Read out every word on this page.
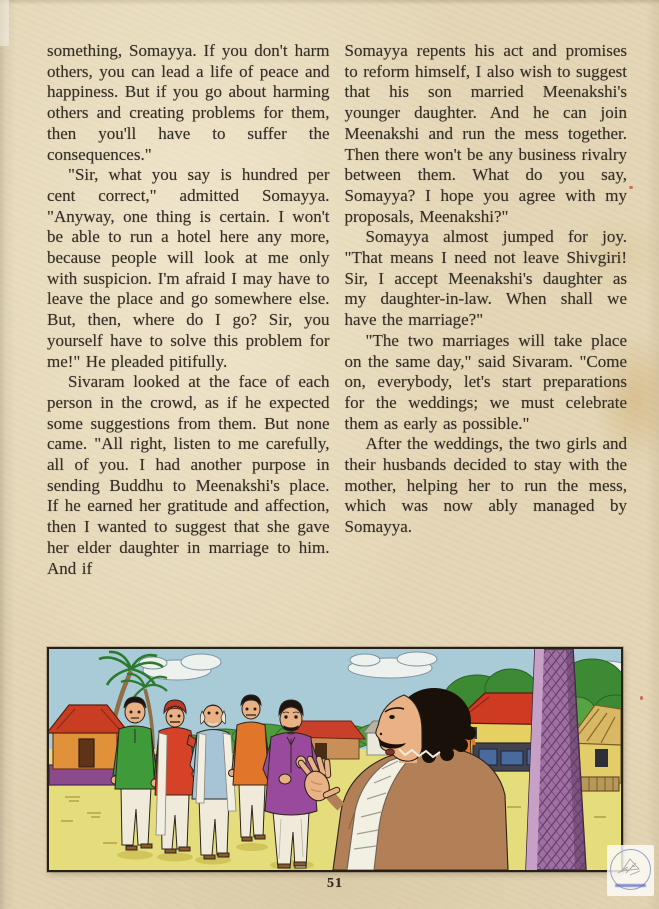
something, Somayya. If you don't harm others, you can lead a life of peace and happiness. But if you go about harming others and creating problems for them, then you'll have to suffer the consequences."

"Sir, what you say is hundred per cent correct," admitted Somayya. "Anyway, one thing is certain. I won't be able to run a hotel here any more, because people will look at me only with suspicion. I'm afraid I may have to leave the place and go somewhere else. But, then, where do I go? Sir, you yourself have to solve this problem for me!" He pleaded pitifully.

Sivaram looked at the face of each person in the crowd, as if he expected some suggestions from them. But none came. "All right, listen to me carefully, all of you. I had another purpose in sending Buddhu to Meenakshi's place. If he earned her gratitude and affection, then I wanted to suggest that she gave her elder daughter in marriage to him. And if

Somayya repents his act and promises to reform himself, I also wish to suggest that his son married Meenakshi's younger daughter. And he can join Meenakshi and run the mess together. Then there won't be any business rivalry between them. What do you say, Somayya? I hope you agree with my proposals, Meenakshi?"

Somayya almost jumped for joy. "That means I need not leave Shivgiri! Sir, I accept Meenakshi's daughter as my daughter-in-law. When shall we have the marriage?"

"The two marriages will take place on the same day," said Sivaram. "Come on, everybody, let's start preparations for the weddings; we must celebrate them as early as possible."

After the weddings, the two girls and their husbands decided to stay with the mother, helping her to run the mess, which was now ably managed by Somayya.

51
